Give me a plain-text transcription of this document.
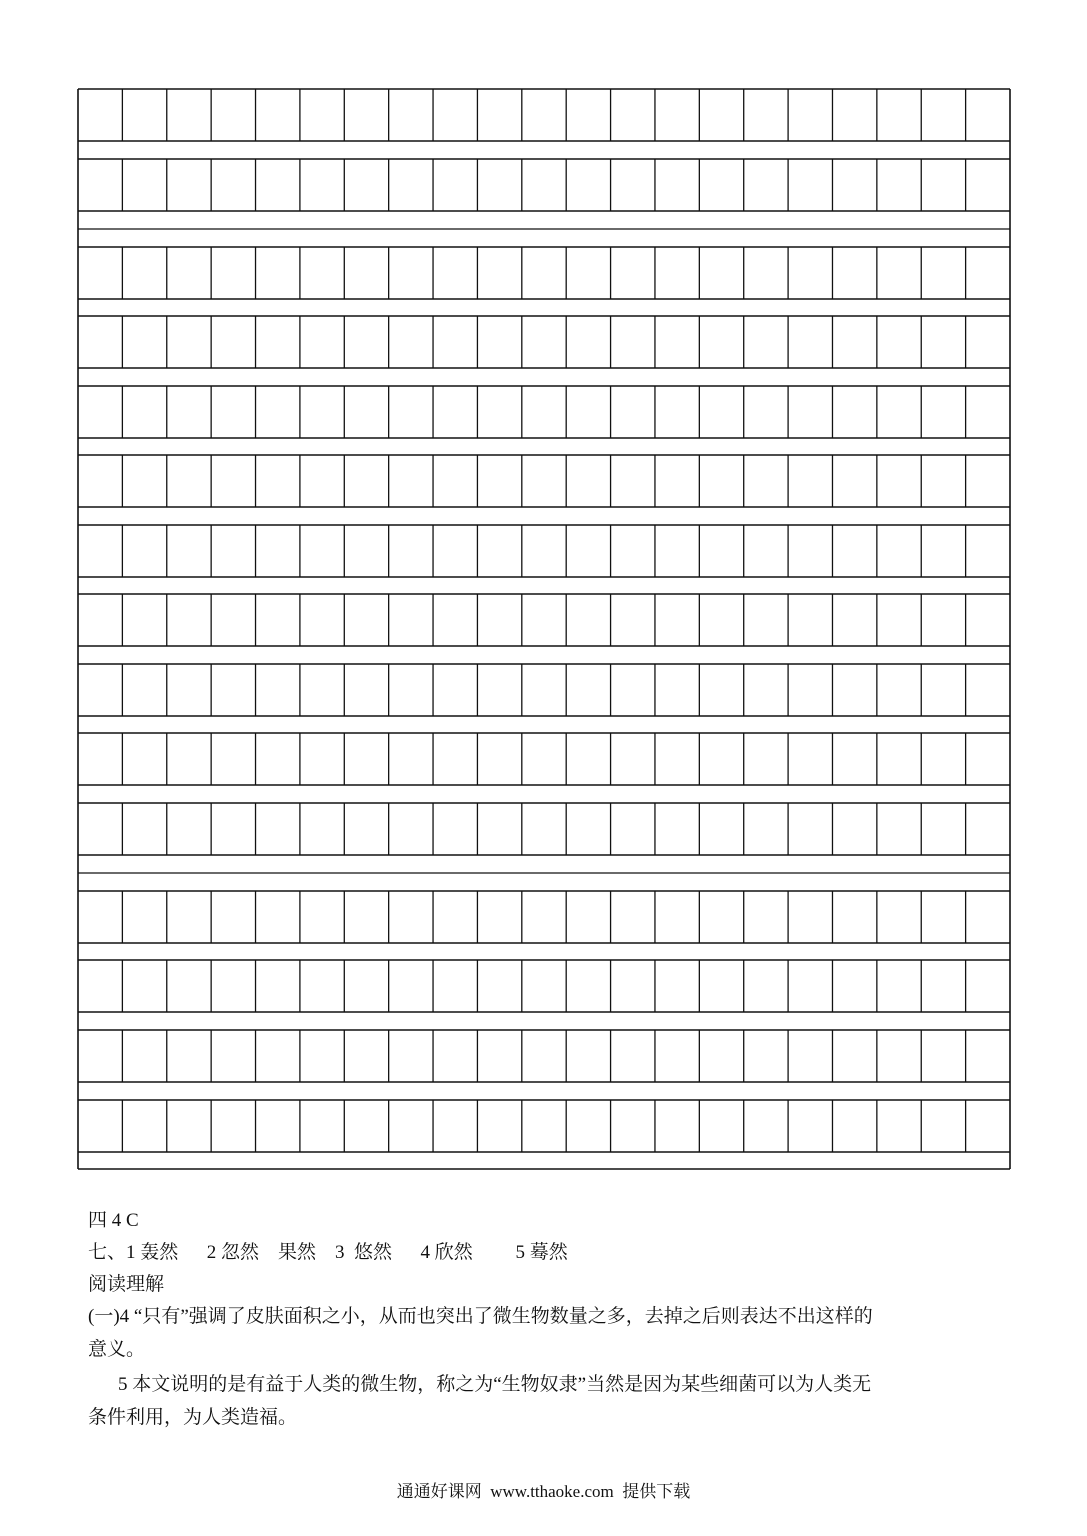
四 4 C
七、1 轰然      2 忽然    果然    3  悠然      4 欣然         5 蓦然
阅读理解
(一)4 “只有”强调了皮肤面积之小，从而也突出了微生物数量之多，去掉之后则表达不出这样的
意义。
5 本文说明的是有益于人类的微生物，称之为“生物奴隶”当然是因为某些细菌可以为人类无
条件利用，为人类造福。
通通好课网  www.tthaoke.com  提供下载
